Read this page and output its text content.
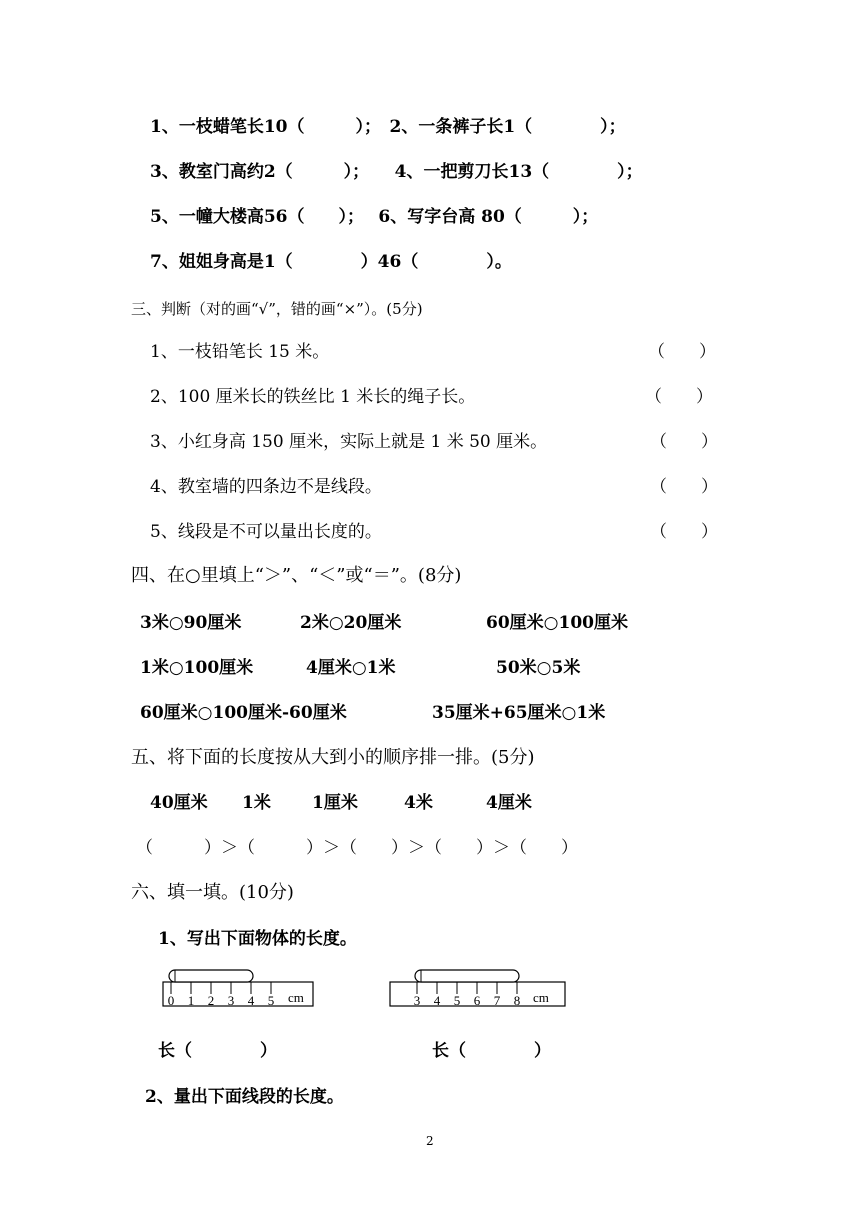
1、一枝蜡笔长10（　　　）；　2、一条裤子长1（　　　　）；
3、教室门高约2（　　　）；　　4、一把剪刀长13（　　　　）；
5、一幢大楼高56（　　）；　 6、写字台高 80（　　　）；
7、姐姐身高是1（　　　　）46（　　　　）。
三、判断（对的画“√”，错的画“×”）。(5分)
1、一枝铅笔长 15 米。	（　　）
2、100 厘米长的铁丝比 1 米长的绳子长。	（　　）
3、小红身高 150 厘米，实际上就是 1 米 50 厘米。	（　　）
4、教室墙的四条边不是线段。	（　　）
5、线段是不可以量出长度的。	（　　）
四、在○里填上“＞”、“＜”或“＝”。(8分)
3米○90厘米	2米○20厘米	60厘米○100厘米
1米○100厘米	4厘米○1米	50米○5米
60厘米○100厘米-60厘米	35厘米+65厘米○1米
五、将下面的长度按从大到小的顺序排一排。(5分)
40厘米 1米 1厘米	4米	4厘米
（　　　）＞（　　　）＞（　　）＞（　　）＞（　　）
六、填一填。(10分)
1、写出下面物体的长度。
0 1 2 3 4 5 cm	3 4 5 6 7 8 cm
长（　　　　）	长（　　　　）
2、量出下面线段的长度。
2
